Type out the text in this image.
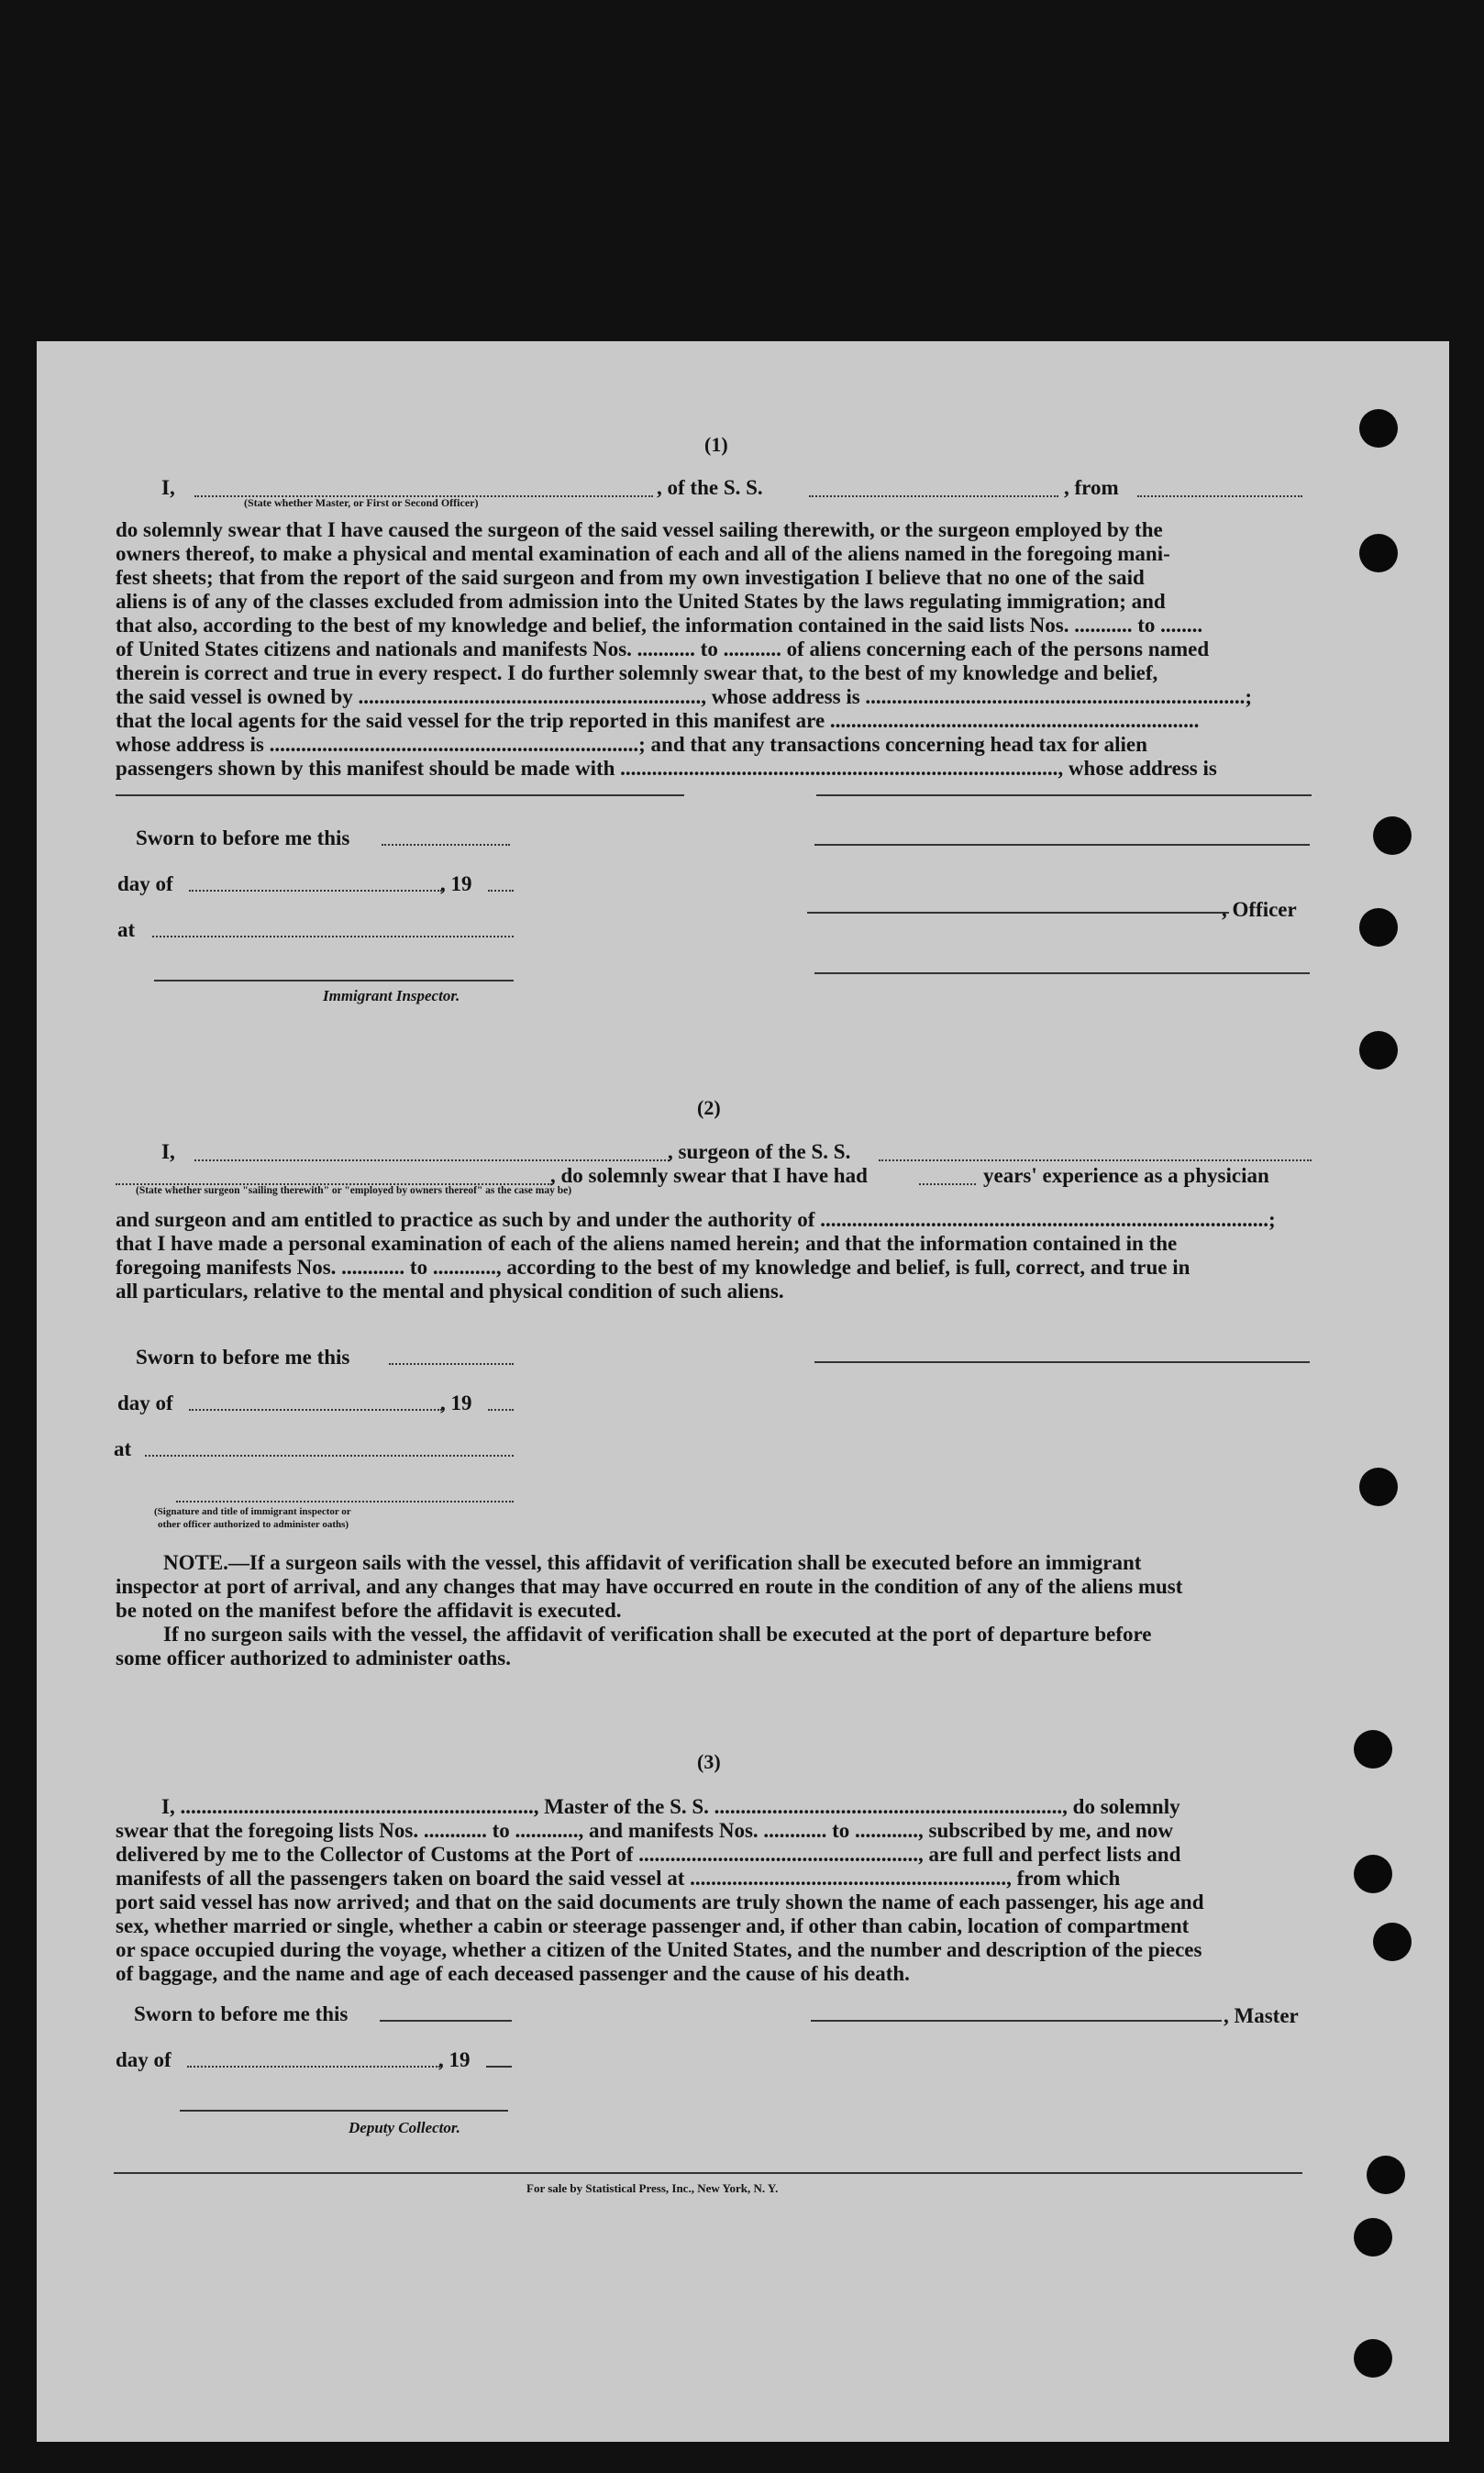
(1)
I,	, of the S. S.	, from
(State whether Master, or First or Second Officer)
do solemnly swear that I have caused the surgeon of the said vessel sailing therewith, or the surgeon employed by the
owners thereof, to make a physical and mental examination of each and all of the aliens named in the foregoing mani-
fest sheets; that from the report of the said surgeon and from my own investigation I believe that no one of the said
aliens is of any of the classes excluded from admission into the United States by the laws regulating immigration; and
that also, according to the best of my knowledge and belief, the information contained in the said lists Nos. ........... to ........
of United States citizens and nationals and manifests Nos. ........... to ........... of aliens concerning each of the persons named
therein is correct and true in every respect. I do further solemnly swear that, to the best of my knowledge and belief,
the said vessel is owned by ................................................................., whose address is ........................................................................;
that the local agents for the said vessel for the trip reported in this manifest are ......................................................................
whose address is ......................................................................; and that any transactions concerning head tax for alien
passengers shown by this manifest should be made with ..................................................................................., whose address is
Sworn to before me this
day of	, 19
at
Immigrant Inspector.
, Officer
(2)
I,	, surgeon of the S. S.
, do solemnly swear that I have had	years' experience as a physician
(State whether surgeon "sailing therewith" or "employed by owners thereof" as the case may be)
and surgeon and am entitled to practice as such by and under the authority of .....................................................................................;
that I have made a personal examination of each of the aliens named herein; and that the information contained in the
foregoing manifests Nos. ............ to ............, according to the best of my knowledge and belief, is full, correct, and true in
all particulars, relative to the mental and physical condition of such aliens.
Sworn to before me this
day of	, 19
at
(Signature and title of immigrant inspector or
other officer authorized to administer oaths)
NOTE.—If a surgeon sails with the vessel, this affidavit of verification shall be executed before an immigrant
inspector at port of arrival, and any changes that may have occurred en route in the condition of any of the aliens must
be noted on the manifest before the affidavit is executed.
If no surgeon sails with the vessel, the affidavit of verification shall be executed at the port of departure before
some officer authorized to administer oaths.
(3)
I, ..................................................................., Master of the S. S. .................................................................., do solemnly
swear that the foregoing lists Nos. ............ to ............, and manifests Nos. ............ to ............, subscribed by me, and now
delivered by me to the Collector of Customs at the Port of ....................................................., are full and perfect lists and
manifests of all the passengers taken on board the said vessel at ............................................................, from which
port said vessel has now arrived; and that on the said documents are truly shown the name of each passenger, his age and
sex, whether married or single, whether a cabin or steerage passenger and, if other than cabin, location of compartment
or space occupied during the voyage, whether a citizen of the United States, and the number and description of the pieces
of baggage, and the name and age of each deceased passenger and the cause of his death.
Sworn to before me this	, Master
day of	, 19
Deputy Collector.
For sale by Statistical Press, Inc., New York, N. Y.
